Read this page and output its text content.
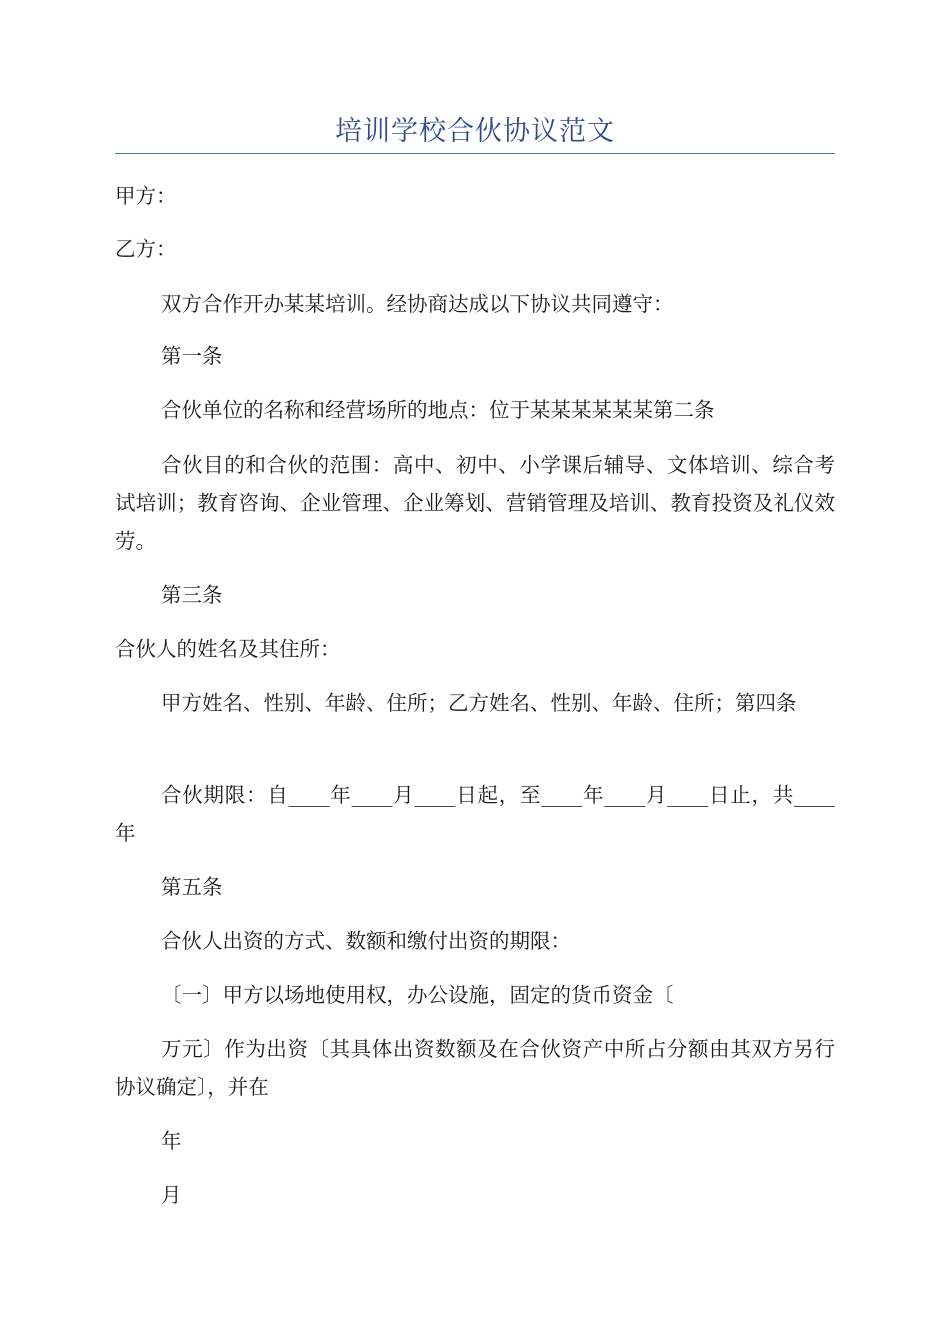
培训学校合伙协议范文

甲方：

乙方：

双方合作开办某某培训。经协商达成以下协议共同遵守：

第一条

合伙单位的名称和经营场所的地点：位于某某某某某某第二条

合伙目的和合伙的范围：高中、初中、小学课后辅导、文体培训、综合考试培训；教育咨询、企业管理、企业筹划、营销管理及培训、教育投资及礼仪效劳。

第三条

合伙人的姓名及其住所：

甲方姓名、性别、年龄、住所；乙方姓名、性别、年龄、住所；第四条

合伙期限：自____年____月____日起，至____年____月____日止，共____年

第五条

合伙人出资的方式、数额和缴付出资的期限：

〔一〕甲方以场地使用权，办公设施，固定的货币资金〔

万元〕作为出资〔其具体出资数额及在合伙资产中所占分额由其双方另行协议确定〕，并在

年

月
